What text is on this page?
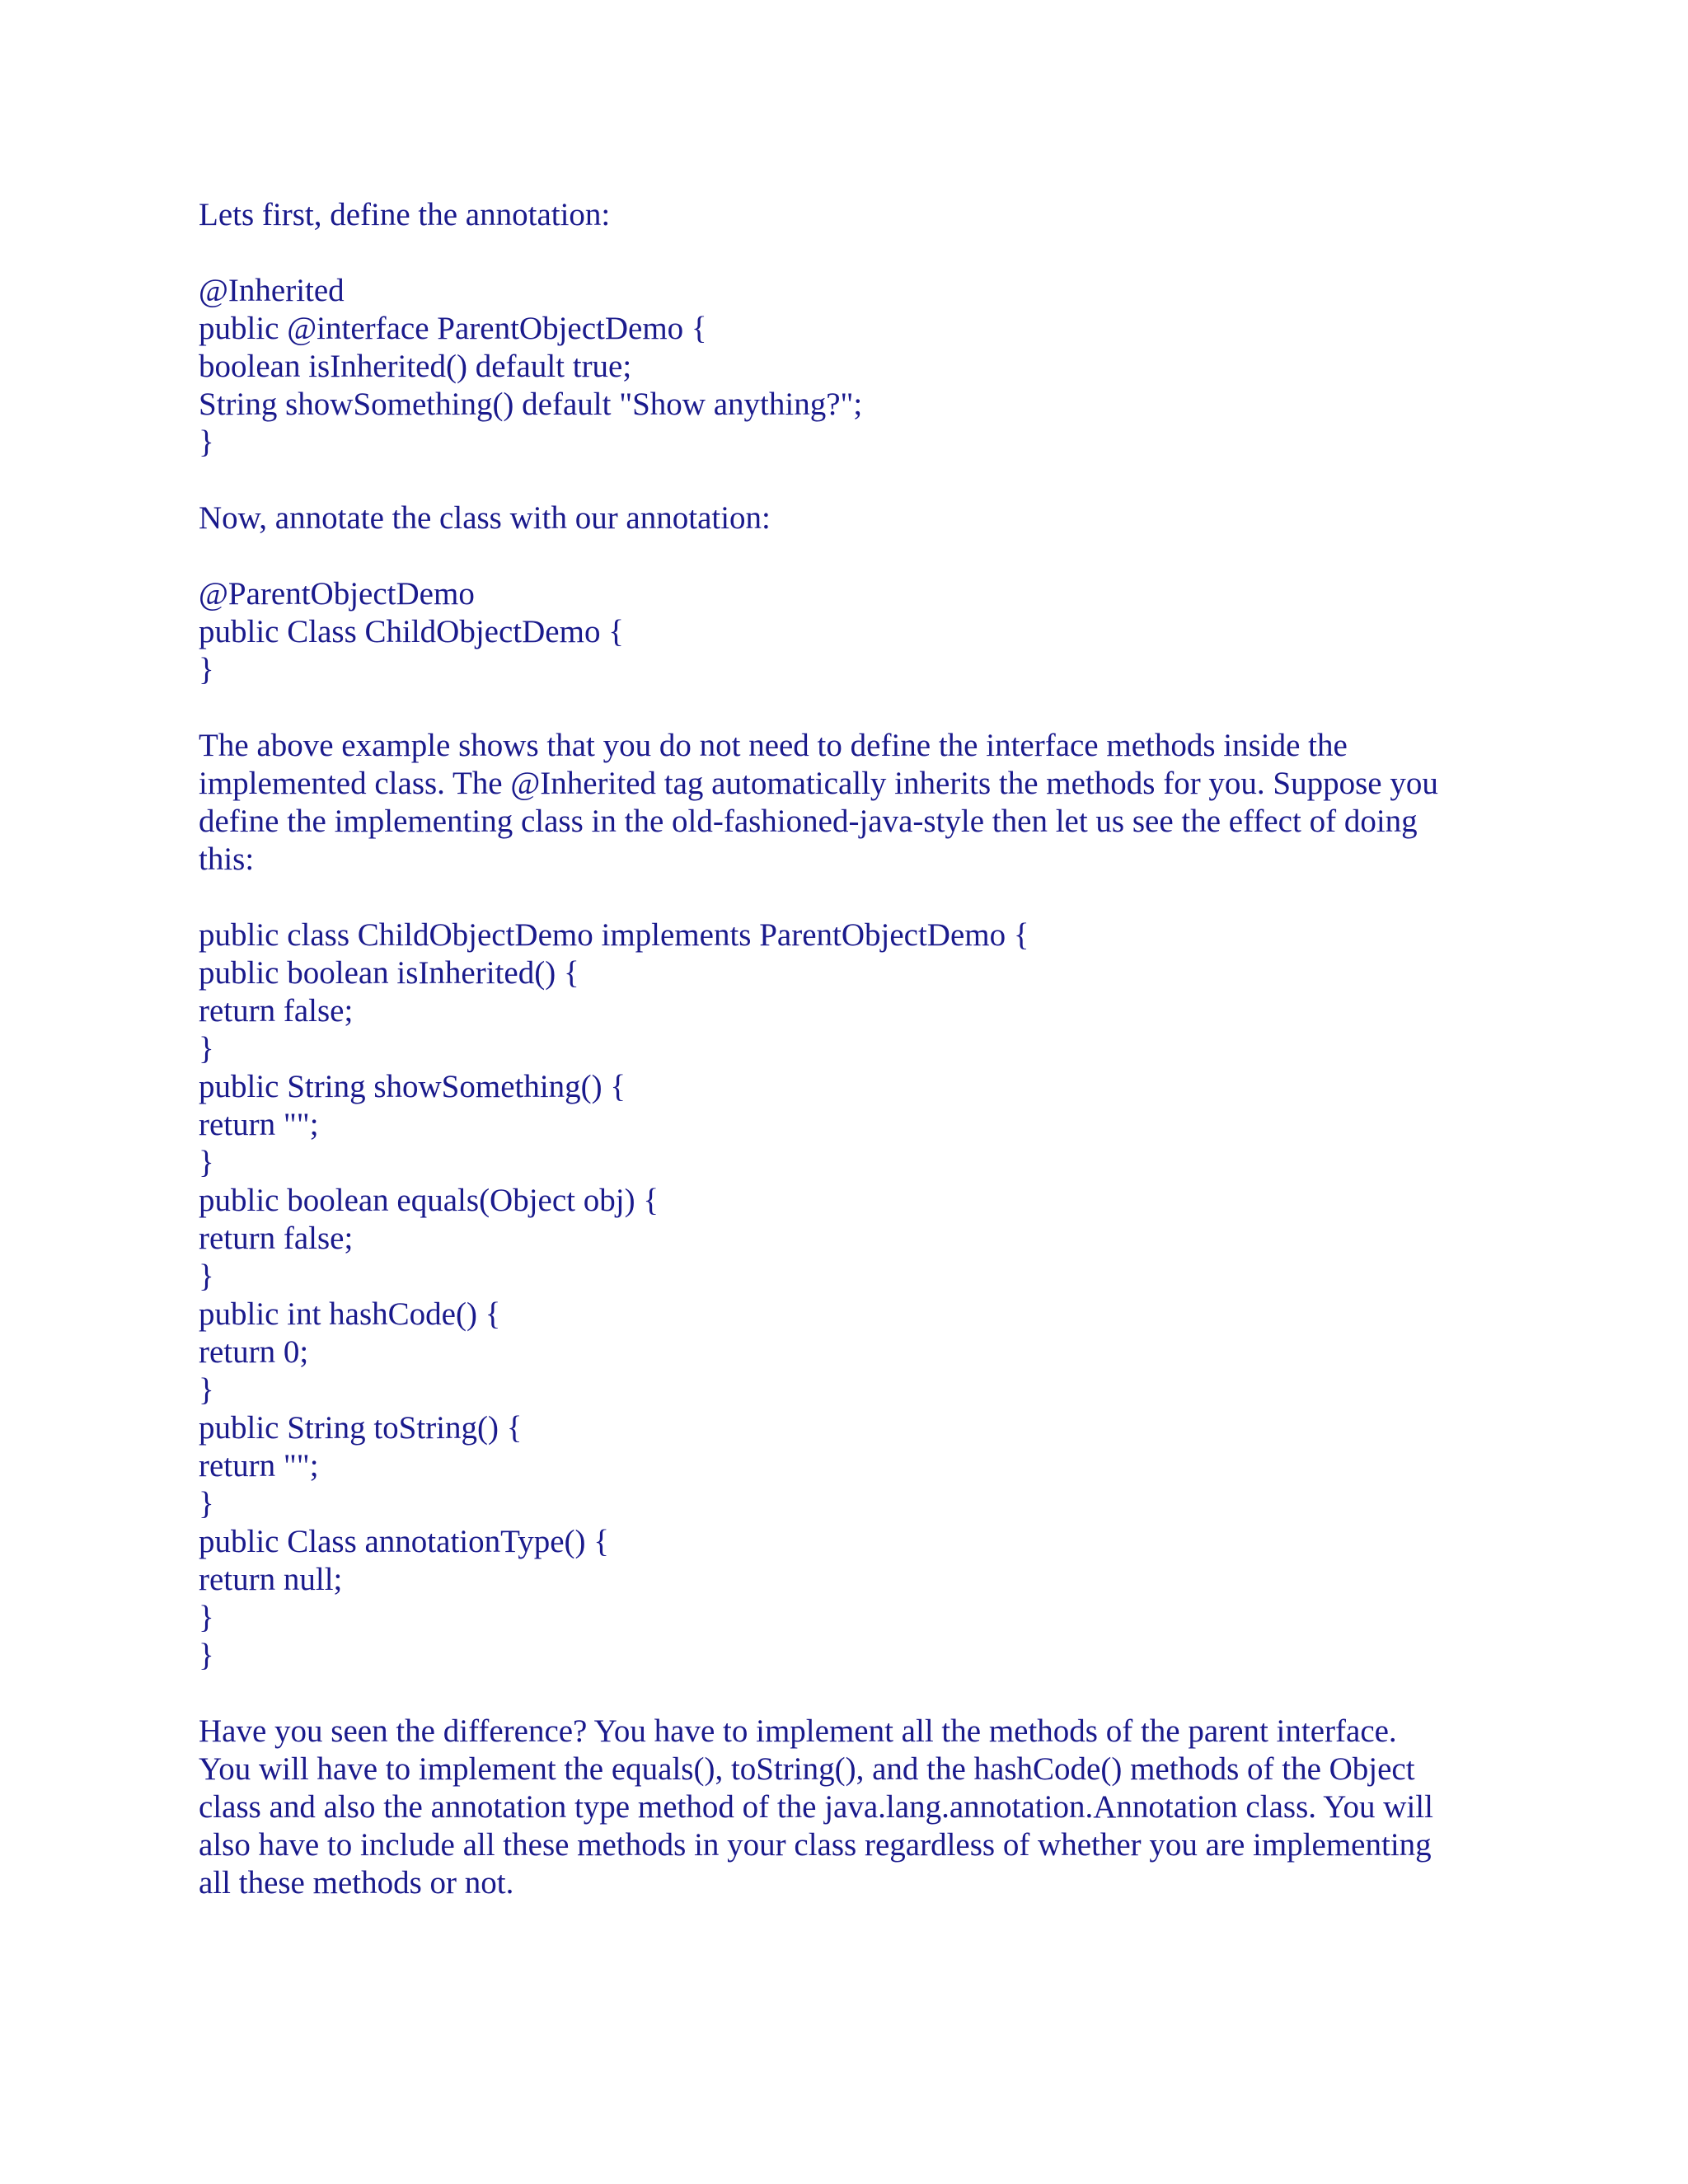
Lets first, define the annotation:
@Inherited
public @interface ParentObjectDemo {
boolean isInherited() default true;
String showSomething() default "Show anything?";
}
Now, annotate the class with our annotation:
@ParentObjectDemo
public Class ChildObjectDemo {
}
The above example shows that you do not need to define the interface methods inside the
implemented class. The @Inherited tag automatically inherits the methods for you. Suppose you
define the implementing class in the old-fashioned-java-style then let us see the effect of doing
this:
public class ChildObjectDemo implements ParentObjectDemo {
public boolean isInherited() {
return false;
}
public String showSomething() {
return "";
}
public boolean equals(Object obj) {
return false;
}
public int hashCode() {
return 0;
}
public String toString() {
return "";
}
public Class annotationType() {
return null;
}
}
Have you seen the difference? You have to implement all the methods of the parent interface.
You will have to implement the equals(), toString(), and the hashCode() methods of the Object
class and also the annotation type method of the java.lang.annotation.Annotation class. You will
also have to include all these methods in your class regardless of whether you are implementing
all these methods or not.
